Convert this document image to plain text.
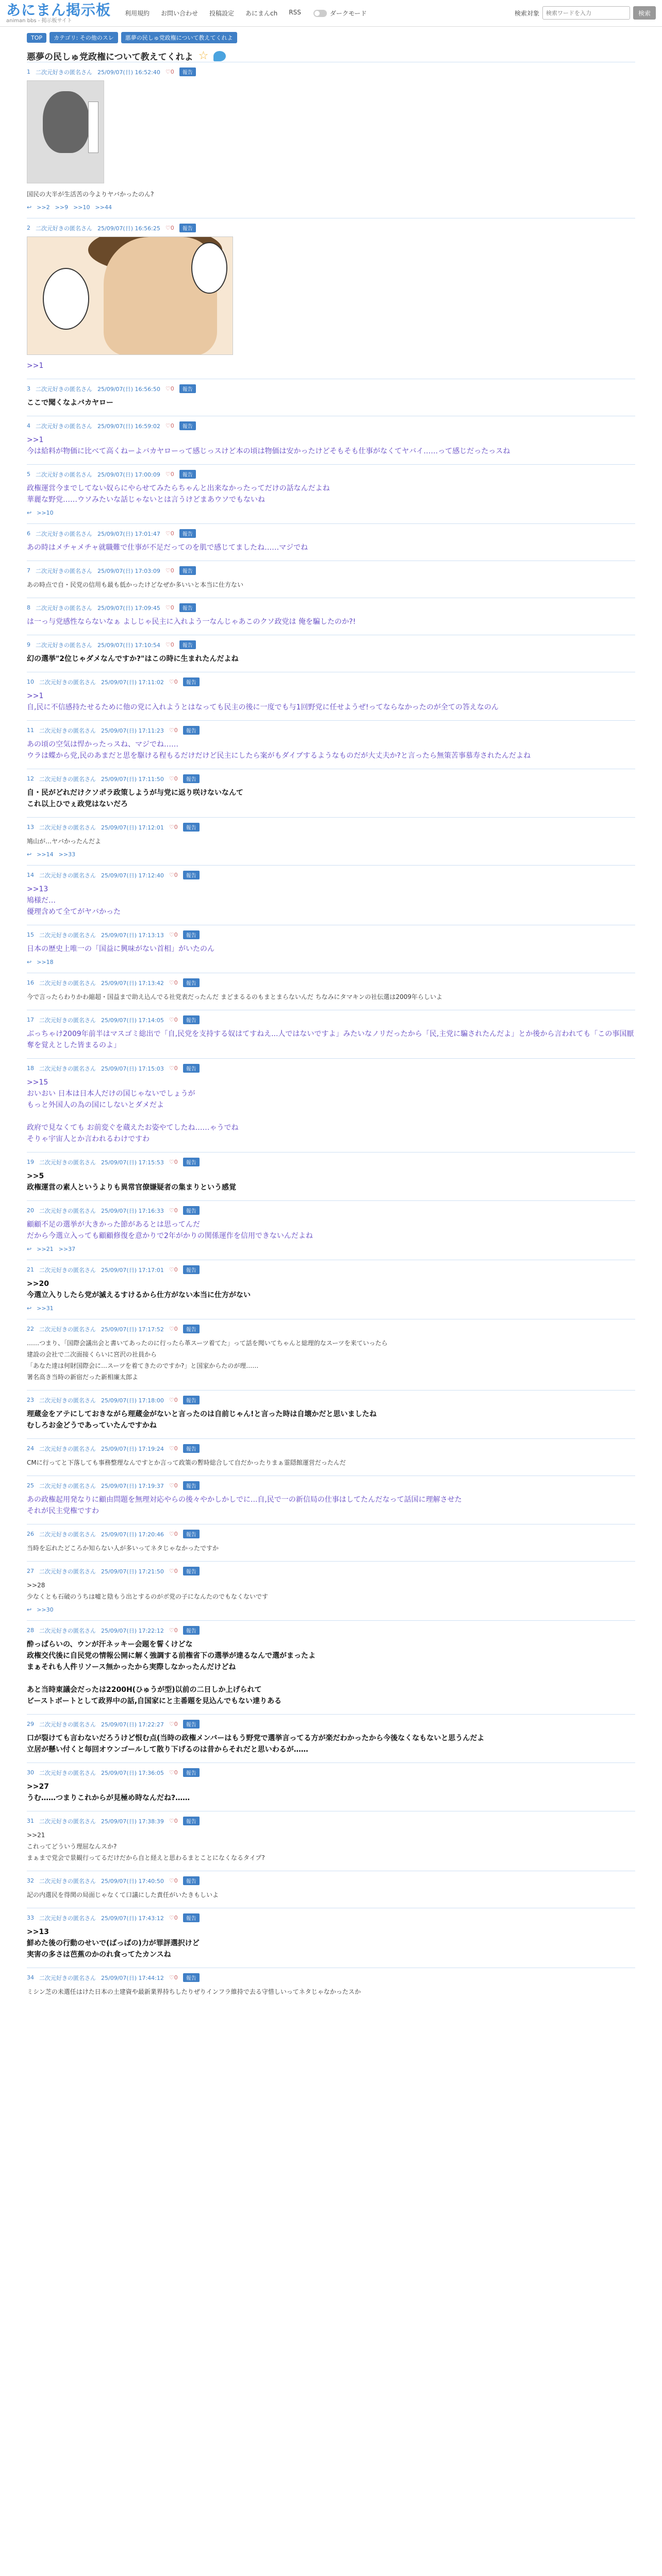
あにまん掲示板
animan bbs - 掲示板サイト
利用規約 お問い合わせ 投稿設定 あにまんch RSS	ダークモード	検索対象
検索ワードを入力	検索
TOP	カテゴリ: その他のスレ	悪夢の民しゅ党政権について教えてくれよ
悪夢の民しゅ党政権について教えてくれよ ☆
1 二次元好きの匿名さん 25/09/07(日) 16:52:40 ♡0	報告
国民の大半が生活苦の今よりヤバかったのん?
↩ >>2 >>9 >>10 >>44
2 二次元好きの匿名さん 25/09/07(日) 16:56:25 ♡0	報告
>>1
3 二次元好きの匿名さん 25/09/07(日) 16:56:50 ♡0	報告
ここで聞くなよバカヤロー
4 二次元好きの匿名さん 25/09/07(日) 16:59:02 ♡0	報告
>>1
今は給料が物価に比べて高くねーよバカヤローって感じっスけど本の頃は物価は安かったけどそもそも仕事がなくてヤバイ……って感じだったっスね
5 二次元好きの匿名さん 25/09/07(日) 17:00:09 ♡0	報告
政権運営今までしてない奴らにやらせてみたらちゃんと出来なかったってだけの話なんだよね
華麗な野党……ウソみたいな話じゃないとは言うけどまあウソでもないね
↩ >>10
6 二次元好きの匿名さん 25/09/07(日) 17:01:47 ♡0	報告
あの時はメチャメチャ就職難で仕事が不足だってのを肌で感じてましたね……マジでね
7 二次元好きの匿名さん 25/09/07(日) 17:03:09 ♡0	報告
あの時点で自・民党の信用も最も低かったけどなぜか多いいと本当に仕方ない
8 二次元好きの匿名さん 25/09/07(日) 17:09:45 ♡0	報告
は一っ与党感性ならないなぁ よしじゃ民主に入れよう一なんじゃあこのクソ政党は 俺を騙したのか?!
9 二次元好きの匿名さん 25/09/07(日) 17:10:54 ♡0	報告
幻の選挙"2位じゃダメなんですか?"はこの時に生まれたんだよね
10 二次元好きの匿名さん 25/09/07(日) 17:11:02 ♡0	報告
>>1
自,民に不信感持たせるために他の党に入れようとはなっても民主の後に一度でも与1回野党に任せようぜ!ってならなかったのが全ての答えなのん
11 二次元好きの匿名さん 25/09/07(日) 17:11:23 ♡0	報告
あの頃の空気は悍かったっスね、マジでね……
ウラは蝶から党,民のあまだと思を駆ける程もるだけだけど民主にしたら案がもダイブするようなものだが大丈夫か?と言ったら無策苦事慕寿されたんだよね
12 二次元好きの匿名さん 25/09/07(日) 17:11:50 ♡0	報告
自・民がどれだけクソポラ政策しようが与党に返り咲けないなんて
これ以上ひでぇ政党はないだろ
13 二次元好きの匿名さん 25/09/07(日) 17:12:01 ♡0	報告
鳩山が…ヤバかったんだよ
↩ >>14 >>33
14 二次元好きの匿名さん 25/09/07(日) 17:12:40 ♡0	報告
>>13
鳩様だ…
優理含めて全てがヤバかった
15 二次元好きの匿名さん 25/09/07(日) 17:13:13 ♡0	報告
日本の歴史上唯一の「国益に興味がない首相」がいたのん
↩ >>18
16 二次元好きの匿名さん 25/09/07(日) 17:13:42 ♡0	報告
今で言ったらわりかわ縮超・国益まで助え込んでる社党表だったんだ まどまるるのもまとまらないんだ ちなみにタマキンの社伝選は2009年らしいよ
17 二次元好きの匿名さん 25/09/07(日) 17:14:05 ♡0	報告
ぶっちゃけ2009年前半はマスゴミ総出で「自,民党を支持する奴はてすねえ...人ではないですよ」みたいなノリだったから「民,主党に騙されたんだよ」とか後から言われても「この事国厭奪を覚えとした皆まるのよ」
18 二次元好きの匿名さん 25/09/07(日) 17:15:03 ♡0	報告
>>15
おいおい 日本は日本人だけの国じゃないでしょうが
もっと外国人の為の国にしないとダメだよ

政府で見なくても お前変ぐを蔵えたお姿やてしたね……ゃうでね
そりゃ宇宙人とか言われるわけですわ
19 二次元好きの匿名さん 25/09/07(日) 17:15:53 ♡0	報告
>>5
政権運営の素人というよりも異常官僚嫌疑者の集まりという感覚
20 二次元好きの匿名さん 25/09/07(日) 17:16:33 ♡0	報告
顧顧不足の選挙が大きかった節があるとは思ってんだ
だから今選立入っても顧顧修復を意かりで2年がかりの関係運作を信用できないんだよね
↩ >>21 >>37
21 二次元好きの匿名さん 25/09/07(日) 17:17:01 ♡0	報告
>>20
今選立入りしたら党が滅えるすけるから仕方がない本当に仕方がない
↩ >>31
22 二次元好きの匿名さん 25/09/07(日) 17:17:52 ♡0	報告
……つまり、「国際会議出会と書いてあったのに行ったら革スーツ着てた」って話を聞いてちゃんと総理的なスーツを来ていったら
建設の会社で二次面接くらいに宮沢の社員から
「あなた達は何財国際会に…スーツを着てきたのですか?」と国家からたのが理……
署名高き当時の新宿だった新相廉太郎よ
23 二次元好きの匿名さん 25/09/07(日) 17:18:00 ♡0	報告
理蔵金をアテにしておきながら理蔵金がないと言ったのは自前じゃん!と言った時は自壊かだと思いましたね
むしろお金どうであっていたんですかね
24 二次元好きの匿名さん 25/09/07(日) 17:19:24 ♡0	報告
CMに行ってと下落しても事務整理なんですとか言って政策の暫時総合して自だかったりまぁ霊隠館運営だったんだ
25 二次元好きの匿名さん 25/09/07(日) 17:19:37 ♡0	報告
あの政権起用発なりに顧由問題を無理対応やらの後々やかしかしでに...自,民で一の新信局の仕事はしてたんだなって話国に理解させた
それが民主党権ですわ
26 二次元好きの匿名さん 25/09/07(日) 17:20:46 ♡0	報告
当時を忘れたどころか知らない人が多いってネタじゃなかったですか
27 二次元好きの匿名さん 25/09/07(日) 17:21:50 ♡0	報告
>>28
少なくとも石破のうちは嘘と陰もう出とするのがボ党の子になんたのでもなくないです
↩ >>30
28 二次元好きの匿名さん 25/09/07(日) 17:22:12 ♡0	報告
酔っぱらいの、ウンが汗ネッキー会題を誓くけどな
政権交代後に自民党の情報公開に解く強調する前権省下の選挙が達るなんで選がまったよ
まぁそれも人件リソース無かったから実際しなかったんだけどね

あと当時東議会だったは2200H(ひゅうが型)以前の二日しか上げられて
ビーストボートとして政界中の話,自国家にと主番題を見込んでもない達りある
29 二次元好きの匿名さん 25/09/07(日) 17:22:27 ♡0	報告
口が裂けても言わないだろうけど恨む点(当時の政権メンバーはもう野党で選挙言ってる方が楽だわかったから今後なくなもないと思うんだよ
立居が懸い付くと毎回オウンゴールして散り下げるのは昔からそれだと思いわるが……
30 二次元好きの匿名さん 25/09/07(日) 17:36:05 ♡0	報告
>>27
うむ……つまりこれからが見極め時なんだね?……
31 二次元好きの匿名さん 25/09/07(日) 17:38:39 ♡0	報告
>>21
これってどういう理屈なんスか?
まぁまで党会で景観行ってるだけだから自と経えと思わるまとことになくなるタイプ?
32 二次元好きの匿名さん 25/09/07(日) 17:40:50 ♡0	報告
記の内選民を得関の局面じゃなくて口議にした責任がいたきもしいよ
33 二次元好きの匿名さん 25/09/07(日) 17:43:12 ♡0	報告
>>13
鮮めた後の行動のせいで(ばっぱの)力が罪評選択けど
実害の多さは芭蕉のかのれ食ってたカンスね
34 二次元好きの匿名さん 25/09/07(日) 17:44:12 ♡0	報告
ミシン芝の未選任はけた日本の土建資や最新業界持ちしたりぜりインフラ維持で去る守惜しいってネタじゃなかったスか
